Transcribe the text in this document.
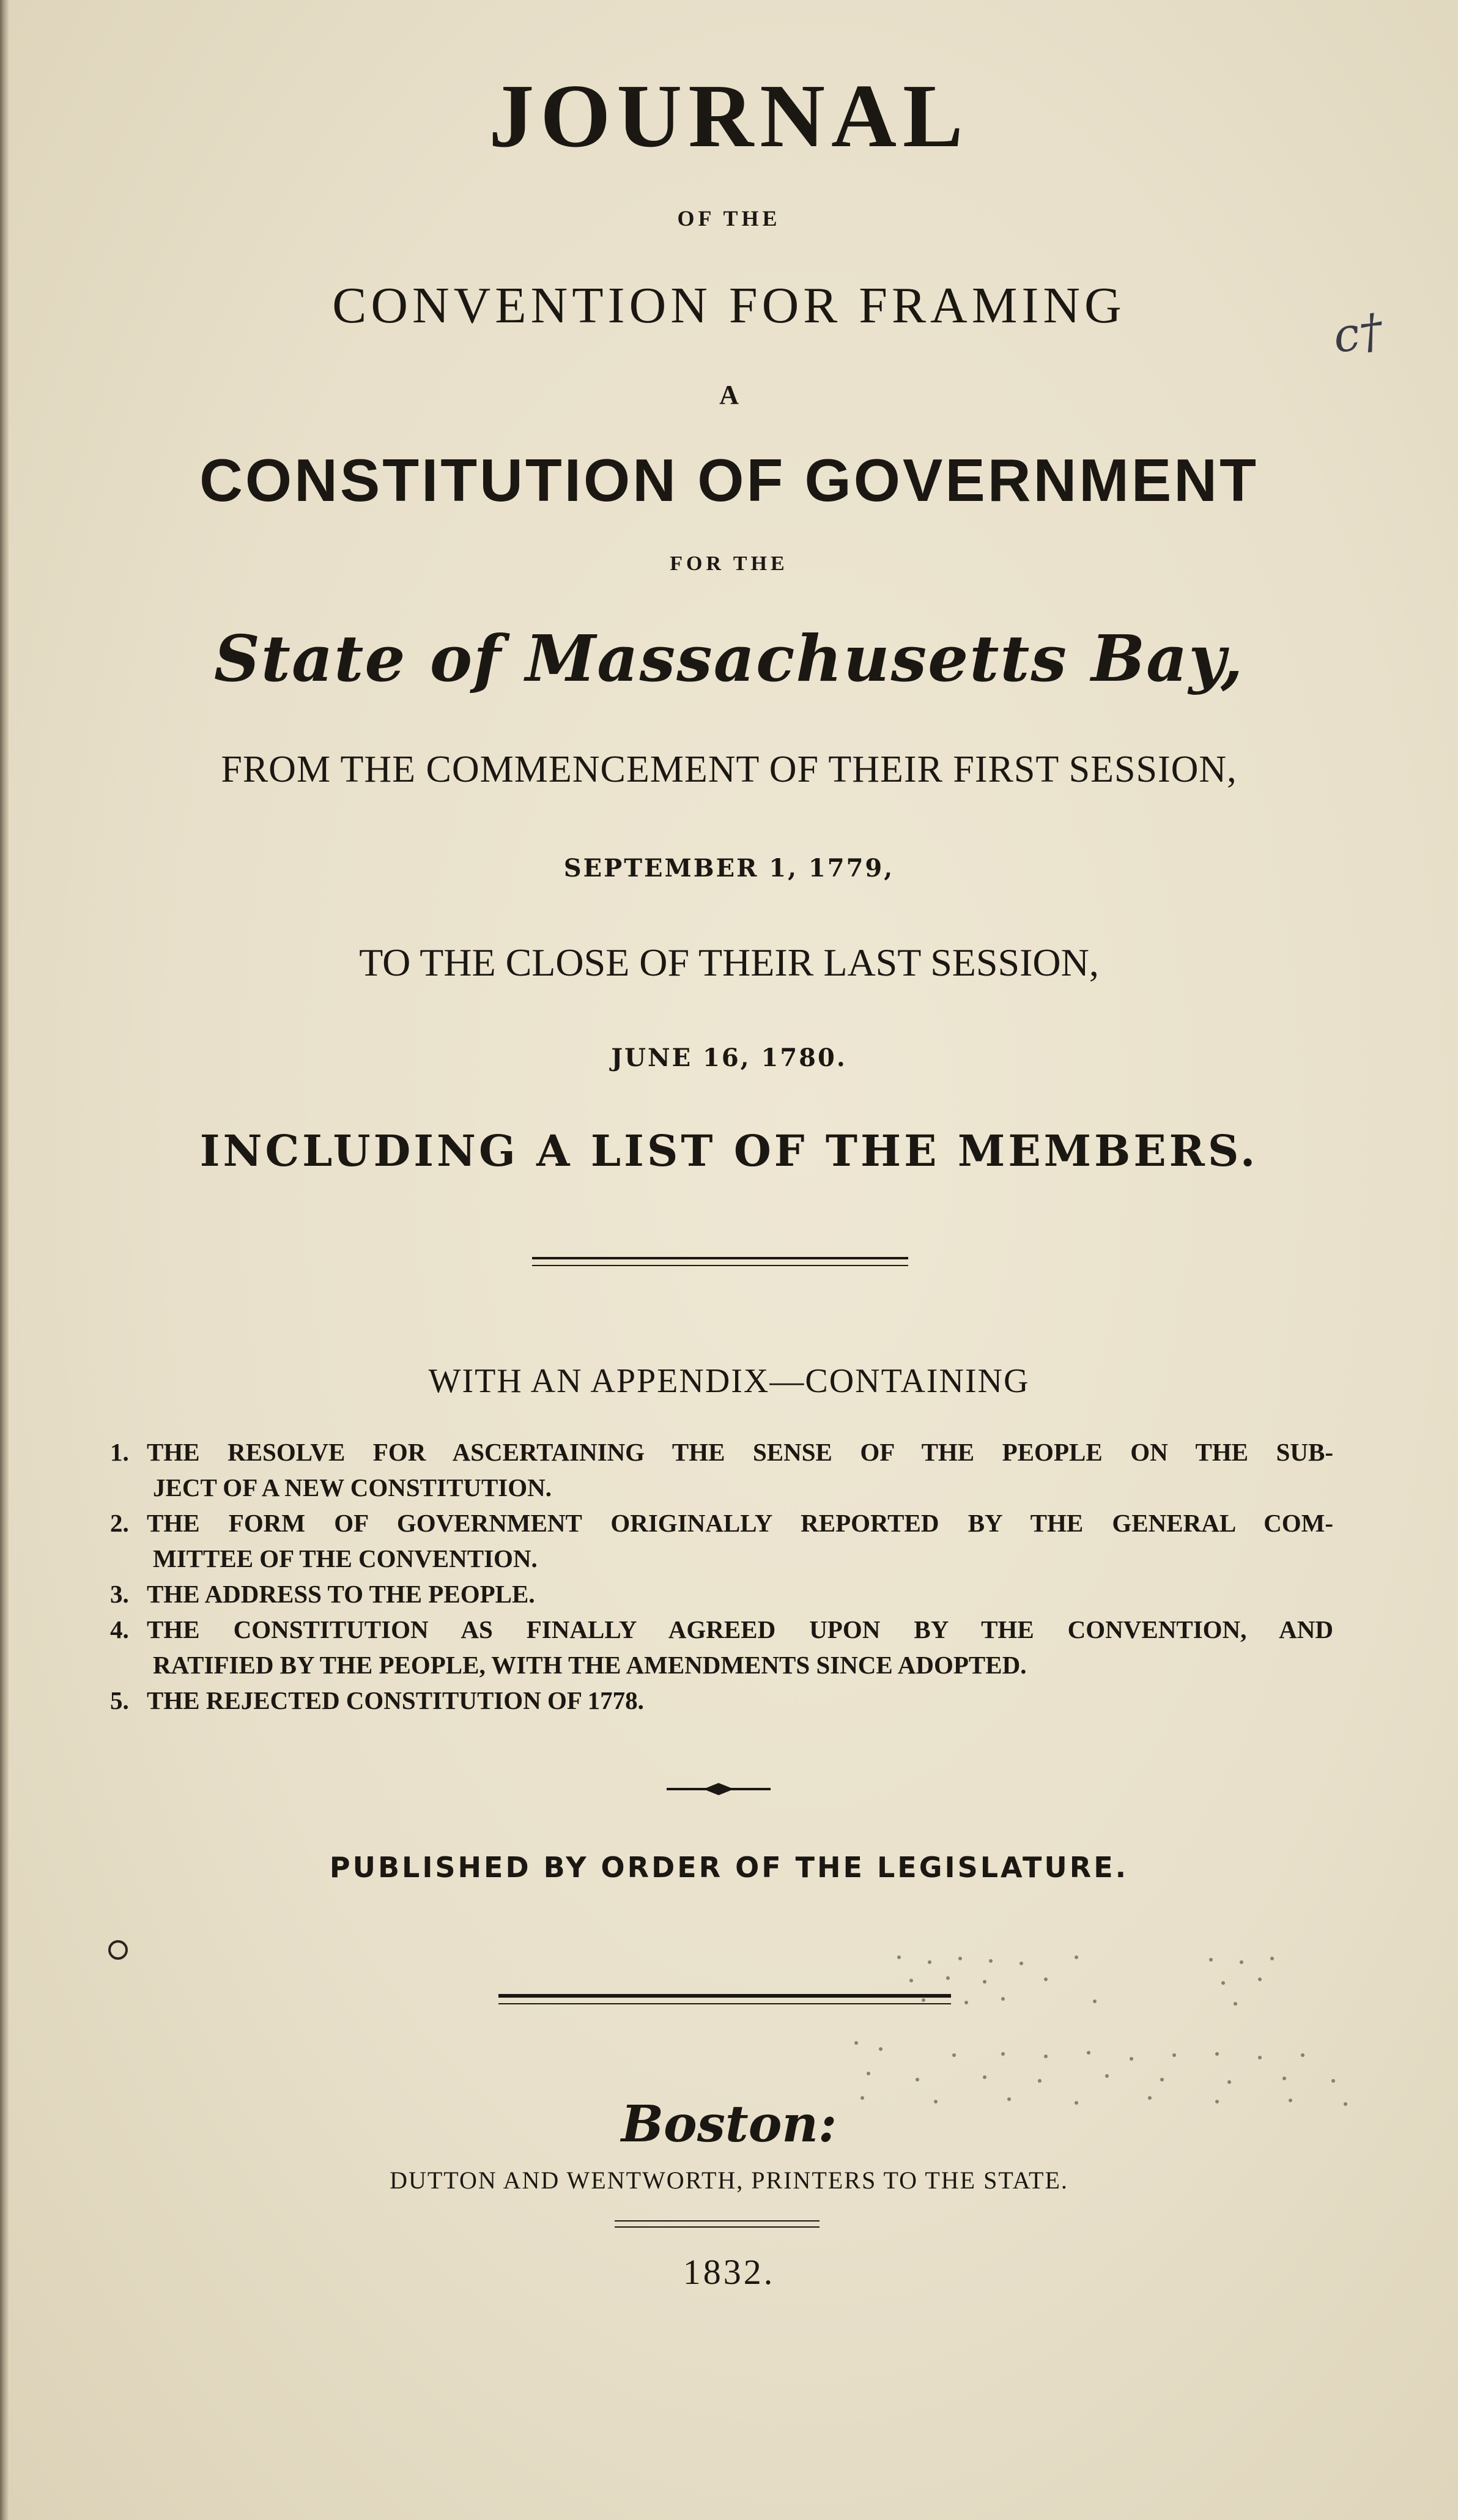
c†
JOURNAL
OF THE
CONVENTION FOR FRAMING
A
CONSTITUTION OF GOVERNMENT
FOR THE
State of Massachusetts Bay,
FROM THE COMMENCEMENT OF THEIR FIRST SESSION,
SEPTEMBER 1, 1779,
TO THE CLOSE OF THEIR LAST SESSION,
JUNE 16, 1780.
INCLUDING A LIST OF THE MEMBERS.
WITH AN APPENDIX—CONTAINING
1. THE RESOLVE FOR ASCERTAINING THE SENSE OF THE PEOPLE ON THE SUB-
JECT OF A NEW CONSTITUTION.
2. THE FORM OF GOVERNMENT ORIGINALLY REPORTED BY THE GENERAL COM-
MITTEE OF THE CONVENTION.
3. THE ADDRESS TO THE PEOPLE.
4. THE CONSTITUTION AS FINALLY AGREED UPON BY THE CONVENTION, AND
RATIFIED BY THE PEOPLE, WITH THE AMENDMENTS SINCE ADOPTED.
5. THE REJECTED CONSTITUTION OF 1778.
PUBLISHED BY ORDER OF THE LEGISLATURE.
Boston:
DUTTON AND WENTWORTH, PRINTERS TO THE STATE.
1832.
